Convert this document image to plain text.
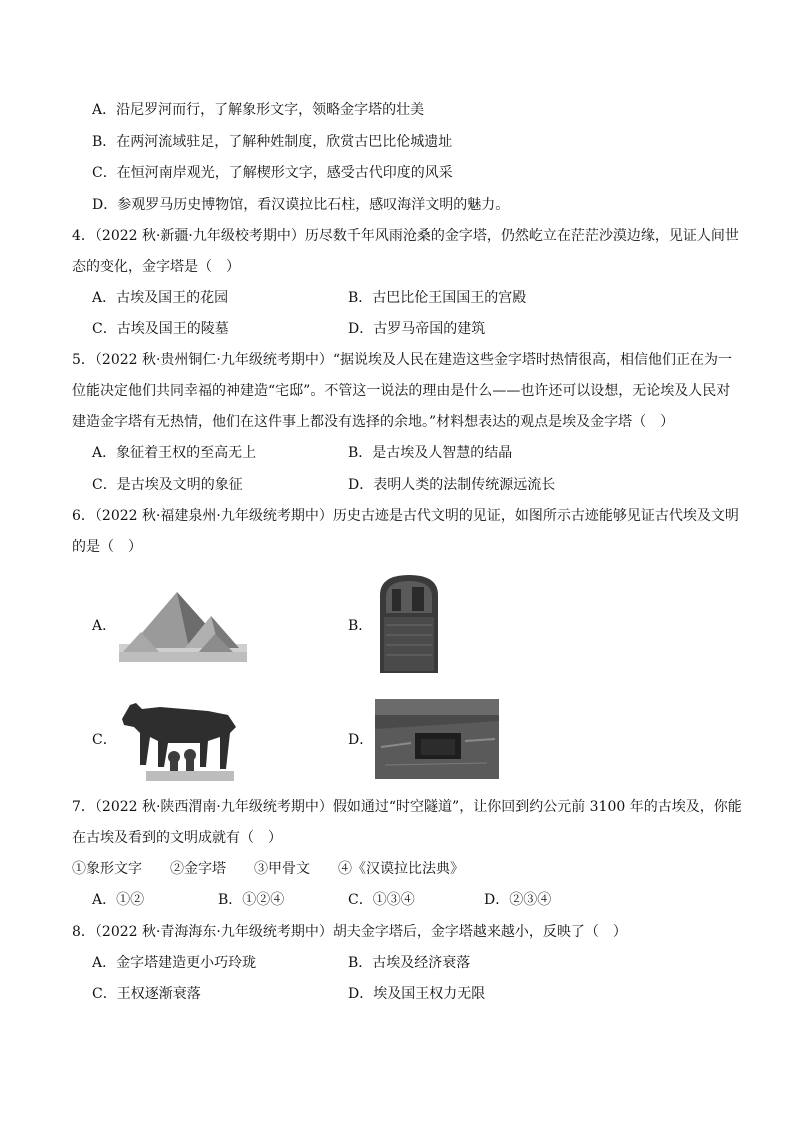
A．沿尼罗河而行，了解象形文字，领略金字塔的壮美
B．在两河流域驻足，了解种姓制度，欣赏古巴比伦城遗址
C．在恒河南岸观光，了解楔形文字，感受古代印度的风采
D．参观罗马历史博物馆，看汉谟拉比石柱，感叹海洋文明的魅力。
4．（2022 秋·新疆·九年级校考期中）历尽数千年风雨沧桑的金字塔，仍然屹立在茫茫沙漠边缘，见证人间世
态的变化，金字塔是（　）
A．古埃及国王的花园	B．古巴比伦王国国王的宫殿
C．古埃及国王的陵墓	D．古罗马帝国的建筑
5．（2022 秋·贵州铜仁·九年级统考期中）“据说埃及人民在建造这些金字塔时热情很高，相信他们正在为一
位能决定他们共同幸福的神建造“宅邸”。不管这一说法的理由是什么——也许还可以设想，无论埃及人民对
建造金字塔有无热情，他们在这件事上都没有选择的余地。”材料想表达的观点是埃及金字塔（　）
A．象征着王权的至高无上	B．是古埃及人智慧的结晶
C．是古埃及文明的象征	D．表明人类的法制传统源远流长
6．（2022 秋·福建泉州·九年级统考期中）历史古迹是古代文明的见证，如图所示古迹能够见证古代埃及文明
的是（　）
A．	B．
C．	D．
7．（2022 秋·陕西渭南·九年级统考期中）假如通过“时空隧道”，让你回到约公元前 3100 年的古埃及，你能
在古埃及看到的文明成就有（　）
①象形文字　　②金字塔　　③甲骨文　　④《汉谟拉比法典》
A．①②	B．①②④	C．①③④	D．②③④
8．（2022 秋·青海海东·九年级统考期中）胡夫金字塔后，金字塔越来越小，反映了（　）
A．金字塔建造更小巧玲珑	B．古埃及经济衰落
C．王权逐渐衰落	D．埃及国王权力无限
